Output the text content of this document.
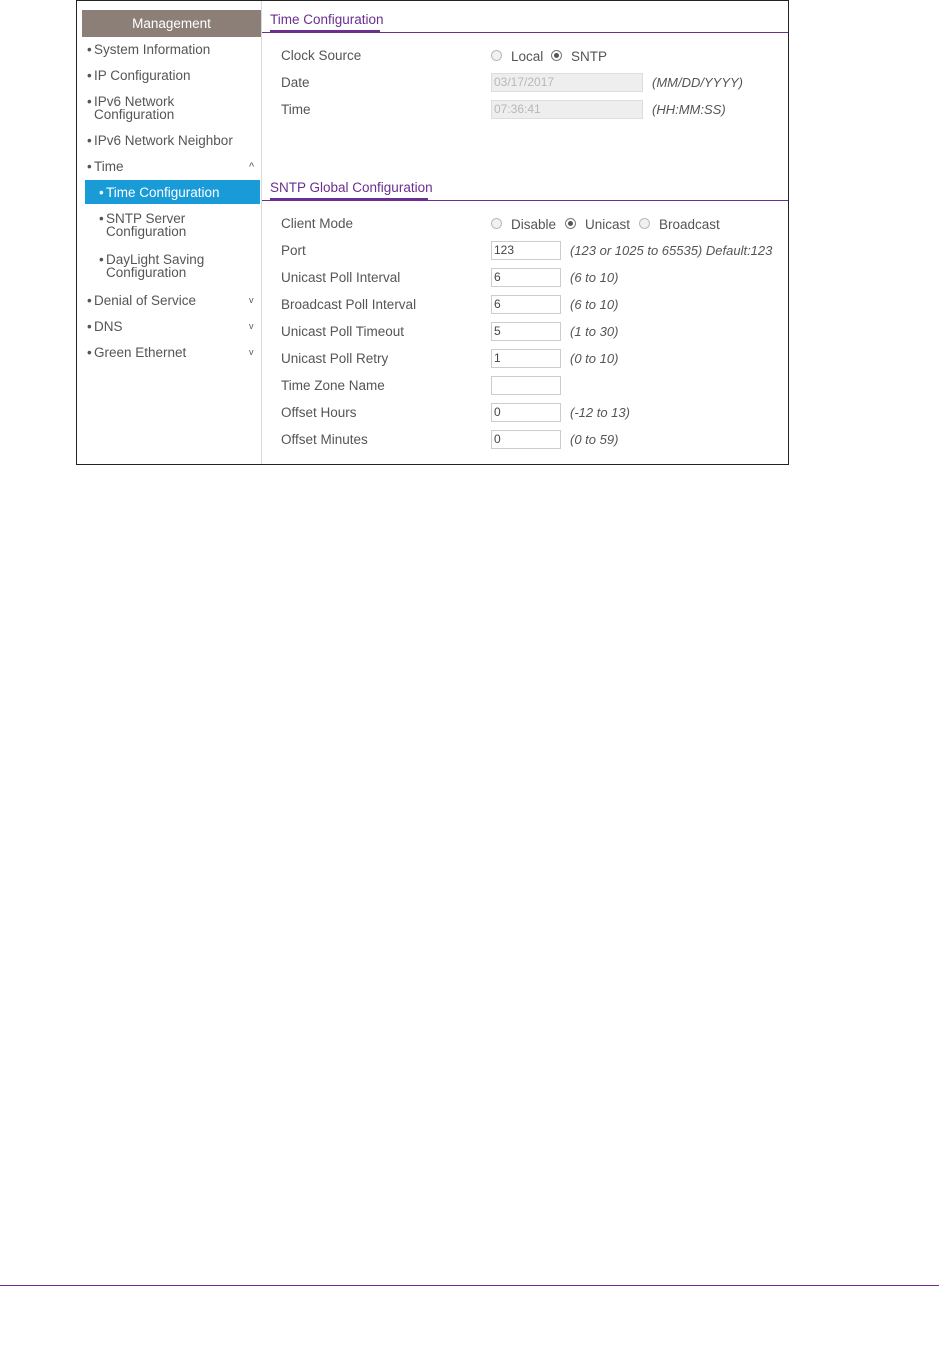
Management
• System Information
• IP Configuration
• IPv6 Network
Configuration
• IPv6 Network Neighbor
• Time	^
• Time Configuration
• SNTP Server
Configuration
• DayLight Saving
Configuration
• Denial of Service	v
• DNS	v
• Green Ethernet	v
Time Configuration
Clock Source	Local SNTP
Date	03/17/2017	(MM/DD/YYYY)
Time	07:36:41	(HH:MM:SS)
SNTP Global Configuration
Client Mode	Disable Unicast Broadcast
Port	123	(123 or 1025 to 65535) Default:123
Unicast Poll Interval	6	(6 to 10)
Broadcast Poll Interval	6	(6 to 10)
Unicast Poll Timeout	5	(1 to 30)
Unicast Poll Retry	1	(0 to 10)
Time Zone Name
Offset Hours	0	(-12 to 13)
Offset Minutes	0	(0 to 59)
